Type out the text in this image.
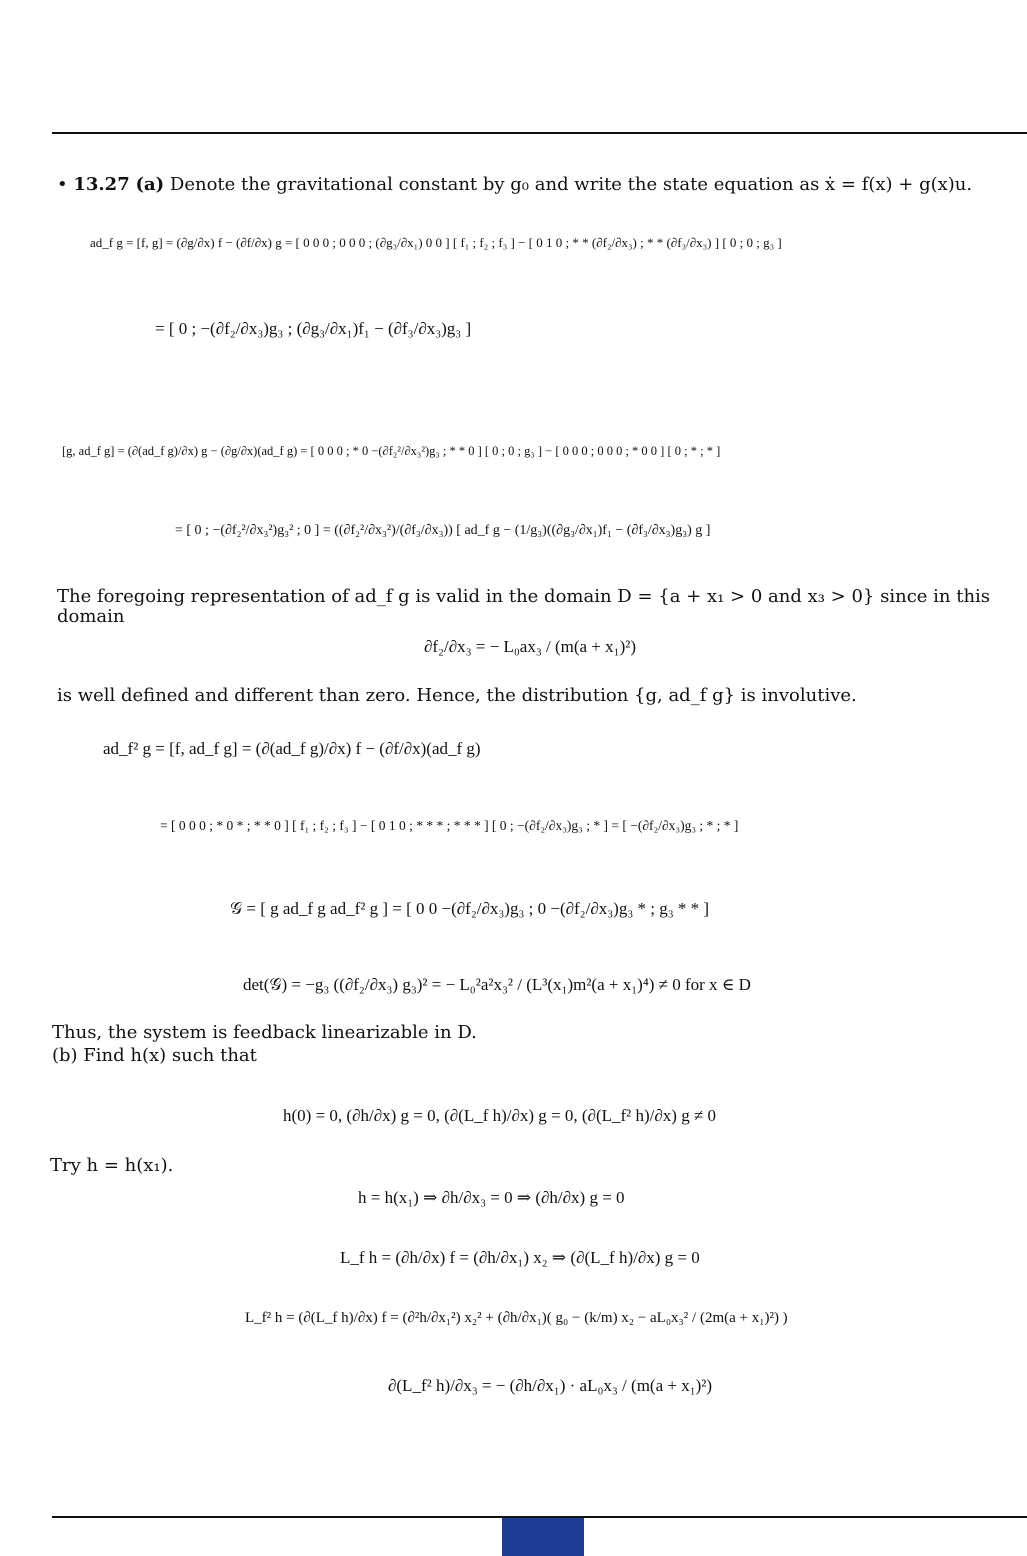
• 13.27 (a) Denote the gravitational constant by g₀ and write the state equation as ẋ = f(x) + g(x)u.
ad_f g = [f, g] = (∂g/∂x) f − (∂f/∂x) g = [ 0 0 0 ; 0 0 0 ; (∂g₃/∂x₁) 0 0 ] [ f₁ ; f₂ ; f₃ ] − [ 0 1 0 ; * * (∂f₂/∂x₃) ; * * (∂f₃/∂x₃) ] [ 0 ; 0 ; g₃ ]
= [ 0 ; −(∂f₂/∂x₃)g₃ ; (∂g₃/∂x₁)f₁ − (∂f₃/∂x₃)g₃ ]
[g, ad_f g] = (∂(ad_f g)/∂x) g − (∂g/∂x)(ad_f g) = [ 0 0 0 ; * 0 −(∂f₂²/∂x₃²)g₃ ; * * 0 ] [ 0 ; 0 ; g₃ ] − [ 0 0 0 ; 0 0 0 ; * 0 0 ] [ 0 ; * ; * ]
= [ 0 ; −(∂f₂²/∂x₃²)g₃² ; 0 ] = ((∂f₂²/∂x₃²)/(∂f₃/∂x₃)) [ ad_f g − (1/g₃)((∂g₃/∂x₁)f₁ − (∂f₃/∂x₃)g₃) g ]
The foregoing representation of ad_f g is valid in the domain D = {a + x₁ > 0 and x₃ > 0} since in this
domain
∂f₂/∂x₃ = − L₀ax₃ / (m(a + x₁)²)
is well defined and different than zero. Hence, the distribution {g, ad_f g} is involutive.
ad_f² g = [f, ad_f g] = (∂(ad_f g)/∂x) f − (∂f/∂x)(ad_f g)
= [ 0 0 0 ; * 0 * ; * * 0 ] [ f₁ ; f₂ ; f₃ ] − [ 0 1 0 ; * * * ; * * * ] [ 0 ; −(∂f₂/∂x₃)g₃ ; * ] = [ −(∂f₂/∂x₃)g₃ ; * ; * ]
𝒢 = [ g ad_f g ad_f² g ] = [ 0 0 −(∂f₂/∂x₃)g₃ ; 0 −(∂f₂/∂x₃)g₃ * ; g₃ * * ]
det(𝒢) = −g₃ ((∂f₂/∂x₃) g₃)² = − L₀²a²x₃² / (L³(x₁)m²(a + x₁)⁴) ≠ 0 for x ∈ D
Thus, the system is feedback linearizable in D.
(b) Find h(x) such that
h(0) = 0, (∂h/∂x) g = 0, (∂(L_f h)/∂x) g = 0, (∂(L_f² h)/∂x) g ≠ 0
Try h = h(x₁).
h = h(x₁) ⇒ ∂h/∂x₃ = 0 ⇒ (∂h/∂x) g = 0
L_f h = (∂h/∂x) f = (∂h/∂x₁) x₂ ⇒ (∂(L_f h)/∂x) g = 0
L_f² h = (∂(L_f h)/∂x) f = (∂²h/∂x₁²) x₂² + (∂h/∂x₁)( g₀ − (k/m) x₂ − aL₀x₃² / (2m(a + x₁)²) )
∂(L_f² h)/∂x₃ = − (∂h/∂x₁) · aL₀x₃ / (m(a + x₁)²)
